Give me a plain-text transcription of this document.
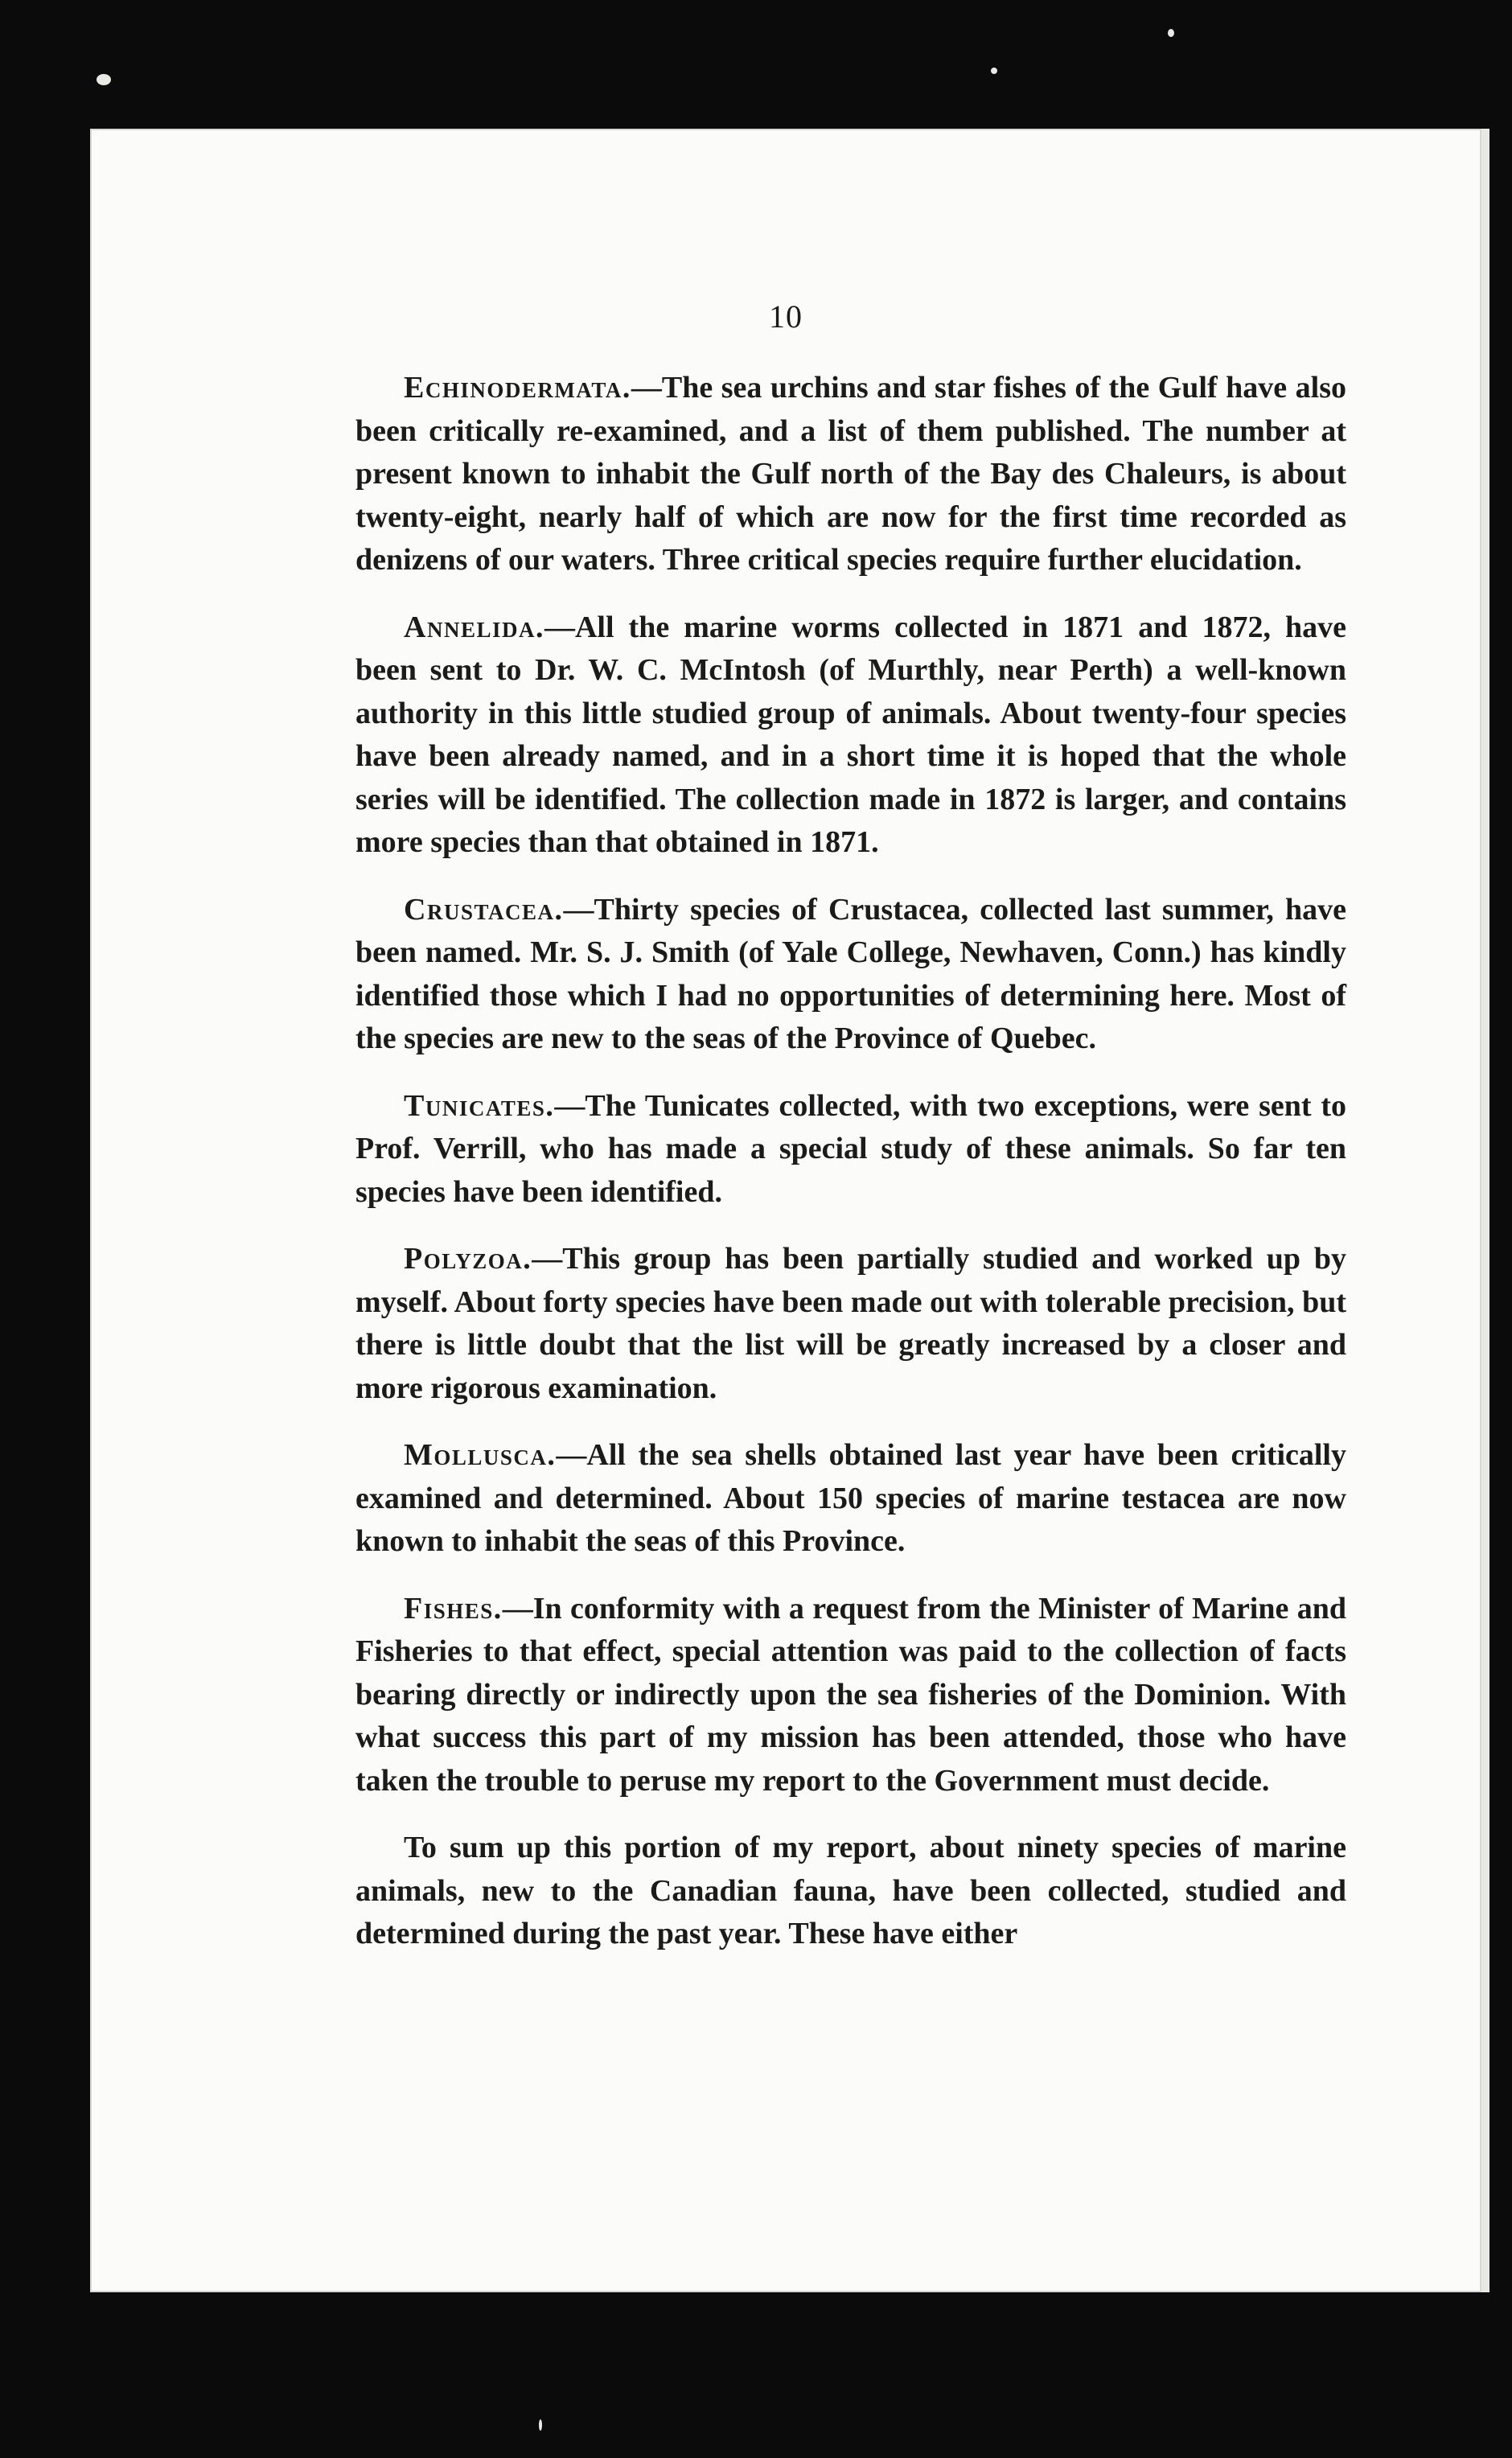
10

Echinodermata.—The sea urchins and star fishes of the Gulf have also been critically re-examined, and a list of them published. The number at present known to inhabit the Gulf north of the Bay des Chaleurs, is about twenty-eight, nearly half of which are now for the first time recorded as denizens of our waters. Three critical species require further elucidation.

Annelida.—All the marine worms collected in 1871 and 1872, have been sent to Dr. W. C. McIntosh (of Murthly, near Perth) a well-known authority in this little studied group of animals. About twenty-four species have been already named, and in a short time it is hoped that the whole series will be identified. The collection made in 1872 is larger, and contains more species than that obtained in 1871.

Crustacea.—Thirty species of Crustacea, collected last summer, have been named. Mr. S. J. Smith (of Yale College, Newhaven, Conn.) has kindly identified those which I had no opportunities of determining here. Most of the species are new to the seas of the Province of Quebec.

Tunicates.—The Tunicates collected, with two exceptions, were sent to Prof. Verrill, who has made a special study of these animals. So far ten species have been identified.

Polyzoa.—This group has been partially studied and worked up by myself. About forty species have been made out with tolerable precision, but there is little doubt that the list will be greatly increased by a closer and more rigorous examination.

Mollusca.—All the sea shells obtained last year have been critically examined and determined. About 150 species of marine testacea are now known to inhabit the seas of this Province.

Fishes.—In conformity with a request from the Minister of Marine and Fisheries to that effect, special attention was paid to the collection of facts bearing directly or indirectly upon the sea fisheries of the Dominion. With what success this part of my mission has been attended, those who have taken the trouble to peruse my report to the Government must decide.

To sum up this portion of my report, about ninety species of marine animals, new to the Canadian fauna, have been collected, studied and determined during the past year. These have either
